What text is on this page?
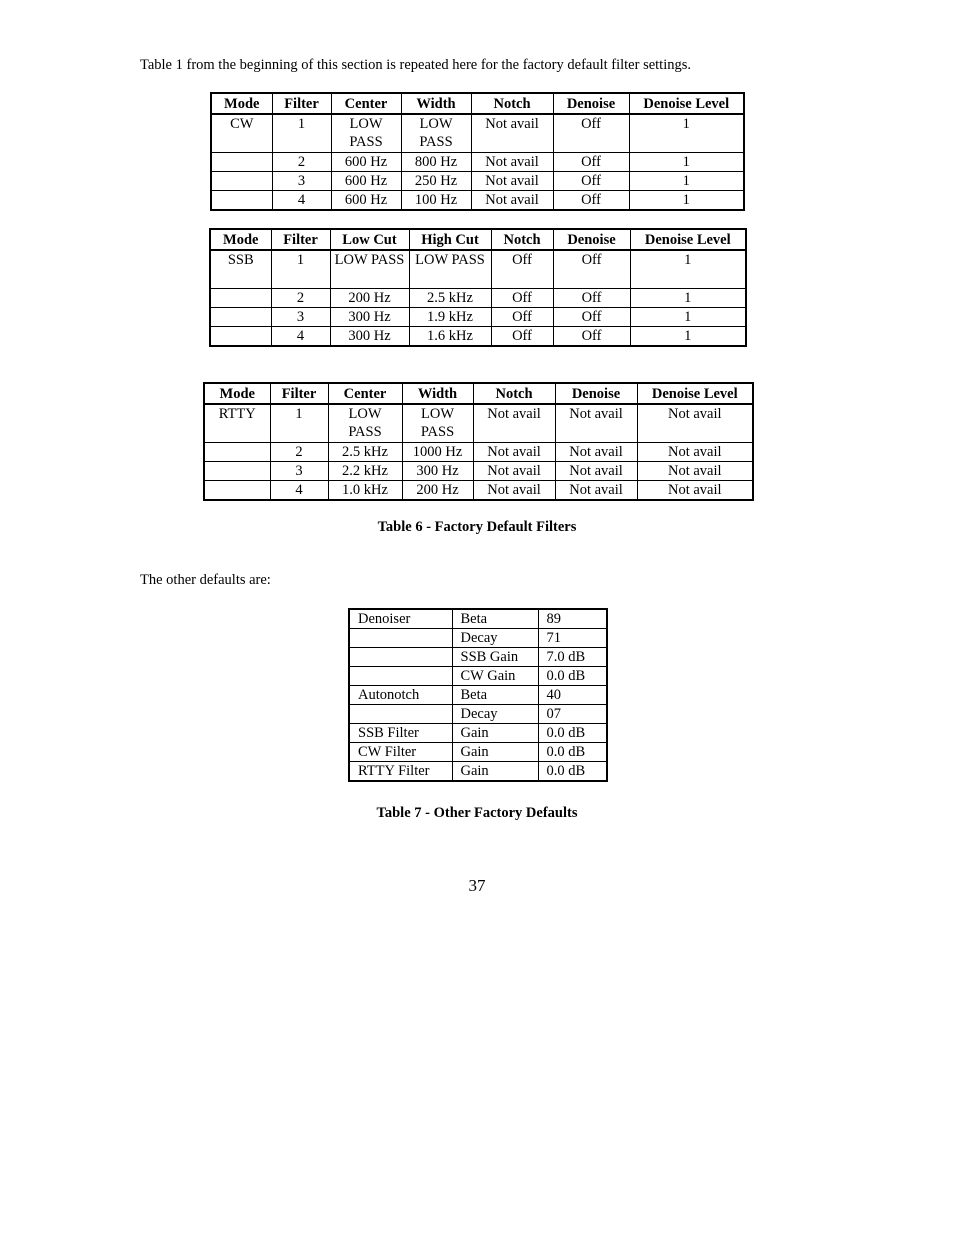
Table 1 from the beginning of this section is repeated here for the factory default filter settings.
Mode	Filter	Center	Width	Notch	Denoise	Denoise Level
CW	1	LOW PASS	LOW PASS	Not avail	Off	1
	2	600 Hz	800 Hz	Not avail	Off	1
	3	600 Hz	250 Hz	Not avail	Off	1
	4	600 Hz	100 Hz	Not avail	Off	1
Mode	Filter	Low Cut	High Cut	Notch	Denoise	Denoise Level
SSB	1	LOW PASS	LOW PASS	Off	Off	1
	2	200 Hz	2.5 kHz	Off	Off	1
	3	300 Hz	1.9 kHz	Off	Off	1
	4	300 Hz	1.6 kHz	Off	Off	1
Mode	Filter	Center	Width	Notch	Denoise	Denoise Level
RTTY	1	LOW PASS	LOW PASS	Not avail	Not avail	Not avail
	2	2.5 kHz	1000 Hz	Not avail	Not avail	Not avail
	3	2.2 kHz	300 Hz	Not avail	Not avail	Not avail
	4	1.0 kHz	200 Hz	Not avail	Not avail	Not avail
Table 6 - Factory Default Filters
The other defaults are:
Denoiser	Beta	89
	Decay	71
	SSB Gain	7.0 dB
	CW Gain	0.0 dB
Autonotch	Beta	40
	Decay	07
SSB Filter	Gain	0.0 dB
CW Filter	Gain	0.0 dB
RTTY Filter	Gain	0.0 dB
Table 7 - Other Factory Defaults
37
